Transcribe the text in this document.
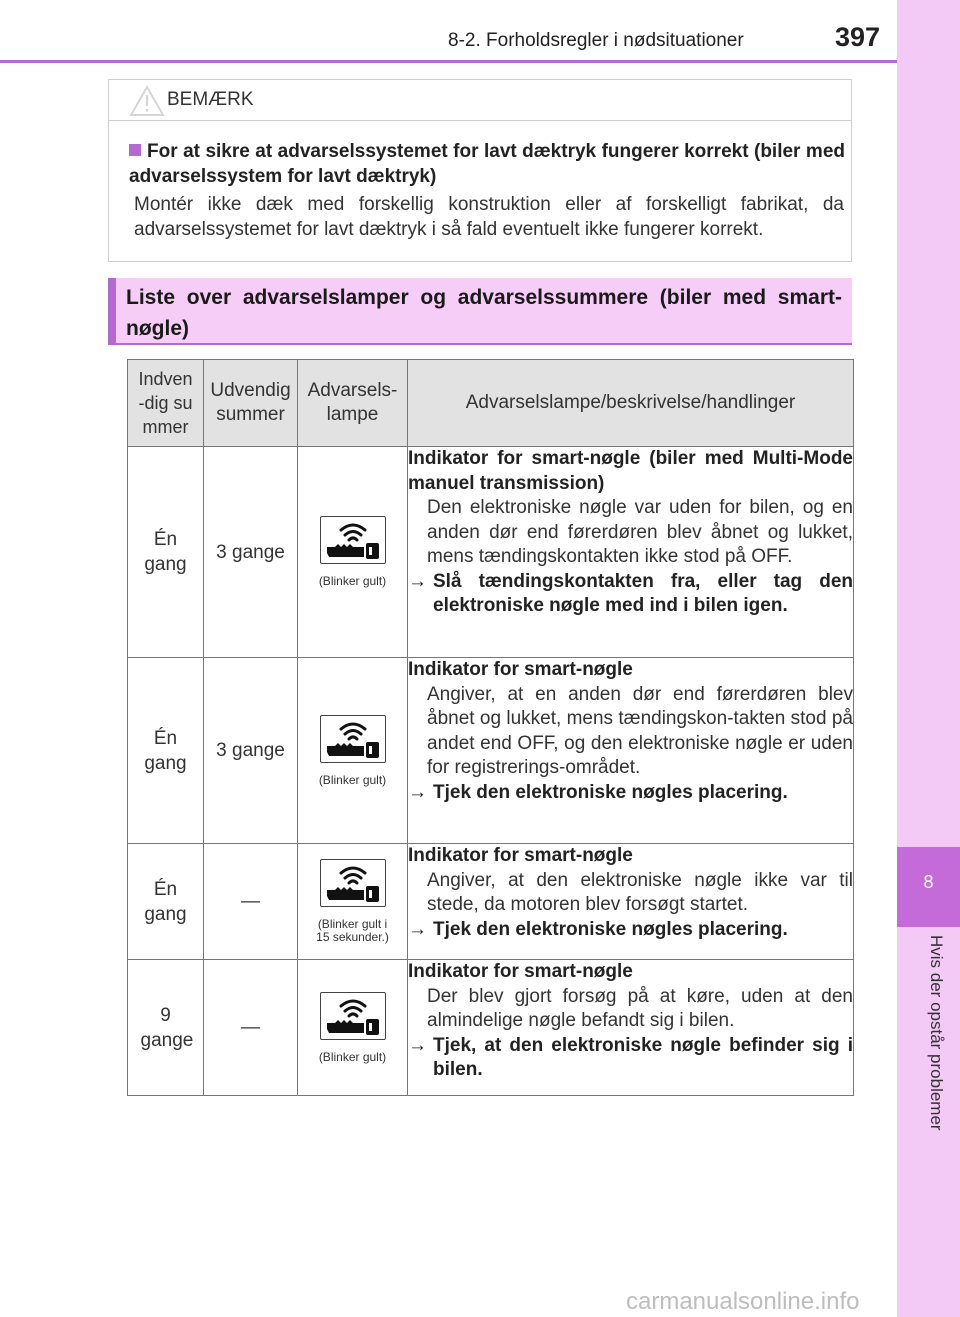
8
Hvis der opstår problemer
8-2. Forholdsregler i nødsituationer	397
BEMÆRK
For at sikre at advarselssystemet for lavt dæktryk fungerer korrekt (biler med advarselssystem for lavt dæktryk)
Montér ikke dæk med forskellig konstruktion eller af forskelligt fabrikat, da advarselssystemet for lavt dæktryk i så fald eventuelt ikke fungerer korrekt.
Liste over advarselslamper og advarselssummere (biler med smart-nøgle)
Indven-dig summer	Udvendig summer	Advarsels-lampe	Advarselslampe/beskrivelse/handlinger

Én gang	3 gange	(Blinker gult)	Indikator for smart-nøgle (biler med Multi-Mode manuel transmission)
Den elektroniske nøgle var uden for bilen, og en anden dør end førerdøren blev åbnet og lukket, mens tændingskontakten ikke stod på OFF.
→ Slå tændingskontakten fra, eller tag den elektroniske nøgle med ind i bilen igen.

Én gang	3 gange	(Blinker gult)	Indikator for smart-nøgle
Angiver, at en anden dør end førerdøren blev åbnet og lukket, mens tændingskon-takten stod på andet end OFF, og den elektroniske nøgle er uden for registrerings-området.
→ Tjek den elektroniske nøgles placering.

Én gang	—	(Blinker gult i 15 sekunder.)	Indikator for smart-nøgle
Angiver, at den elektroniske nøgle ikke var til stede, da motoren blev forsøgt startet.
→ Tjek den elektroniske nøgles placering.

9 gange	—	(Blinker gult)	Indikator for smart-nøgle
Der blev gjort forsøg på at køre, uden at den almindelige nøgle befandt sig i bilen.
→ Tjek, at den elektroniske nøgle befinder sig i bilen.
carmanualsonline.info
